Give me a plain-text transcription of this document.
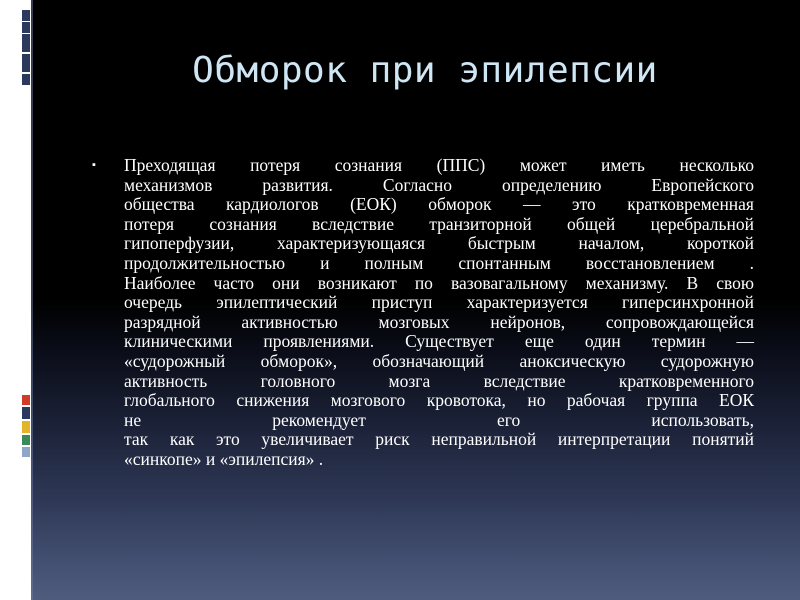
Обморок при эпилепсии
▪	Преходящая потеря сознания (ППС) может иметь несколько
механизмов развития. Согласно определению Европейского
общества кардиологов (ЕОК) обморок — это кратковременная
потеря сознания вследствие транзиторной общей церебральной
гипоперфузии, характеризующаяся быстрым началом, короткой
продолжительностью и полным спонтанным восстановлением .
Наиболее часто они возникают по вазовагальному механизму. В свою
очередь эпилептический приступ характеризуется гиперсинхронной
разрядной активностью мозговых нейронов, сопровождающейся
клиническими проявлениями. Существует еще один термин —
«судорожный обморок», обозначающий аноксическую судорожную
активность головного мозга вследствие кратковременного
глобального снижения мозгового кровотока, но рабочая группа ЕОК
не рекомендует его использовать,
так как это увеличивает риск неправильной интерпретации понятий
«синкопе» и «эпилепсия» .
